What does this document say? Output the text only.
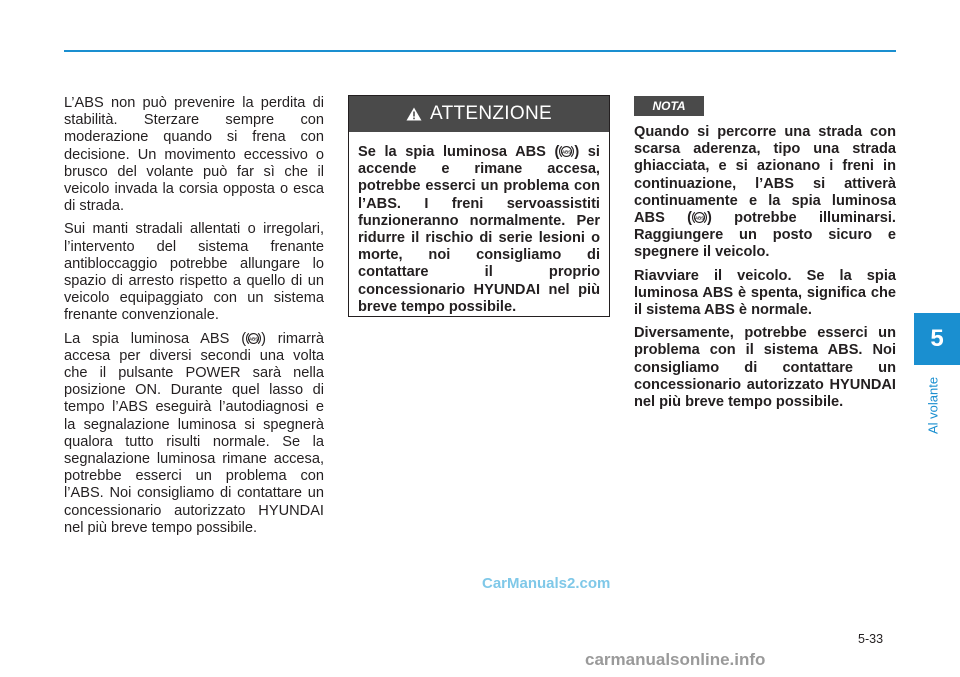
L’ABS non può prevenire la perdita di stabilità. Sterzare sempre con moderazione quando si frena con decisione. Un movimento eccessivo o brusco del volante può far sì che il veicolo invada la corsia opposta o esca di strada.

Sui manti stradali allentati o irregolari, l’intervento del sistema frenante antibloccaggio potrebbe allungare lo spazio di arresto rispetto a quello di un veicolo equipaggiato con un sistema frenante convenzionale.

La spia luminosa ABS ( ABS ) rimarrà accesa per diversi secondi una volta che il pulsante POWER sarà nella posizione ON. Durante quel lasso di tempo l’ABS eseguirà l’autodiagnosi e la segnalazione luminosa si spegnerà qualora tutto risulti normale. Se la segnalazione luminosa rimane accesa, potrebbe esserci un problema con l’ABS. Noi consigliamo di contattare un concessionario autorizzato HYUNDAI nel più breve tempo possibile.

ATTENZIONE
Se la spia luminosa ABS ( ABS ) si accende e rimane accesa, potrebbe esserci un problema con l’ABS. I freni servoassistiti funzioneranno normalmente. Per ridurre il rischio di serie lesioni o morte, noi consigliamo di contattare il proprio concessionario HYUNDAI nel più breve tempo possibile.
NOTA

Quando si percorre una strada con scarsa aderenza, tipo una strada ghiacciata, e si azionano i freni in continuazione, l’ABS si attiverà continuamente e la spia luminosa ABS ( ABS ) potrebbe illuminarsi. Raggiungere un posto sicuro e spegnere il veicolo.

Riavviare il veicolo. Se la spia luminosa ABS è spenta, significa che il sistema ABS è normale.

Diversamente, potrebbe esserci un problema con il sistema ABS. Noi consigliamo di contattare un concessionario autorizzato HYUNDAI nel più breve tempo possibile.

5
Al volante
CarManuals2.com
5-33
carmanualsonline.info
